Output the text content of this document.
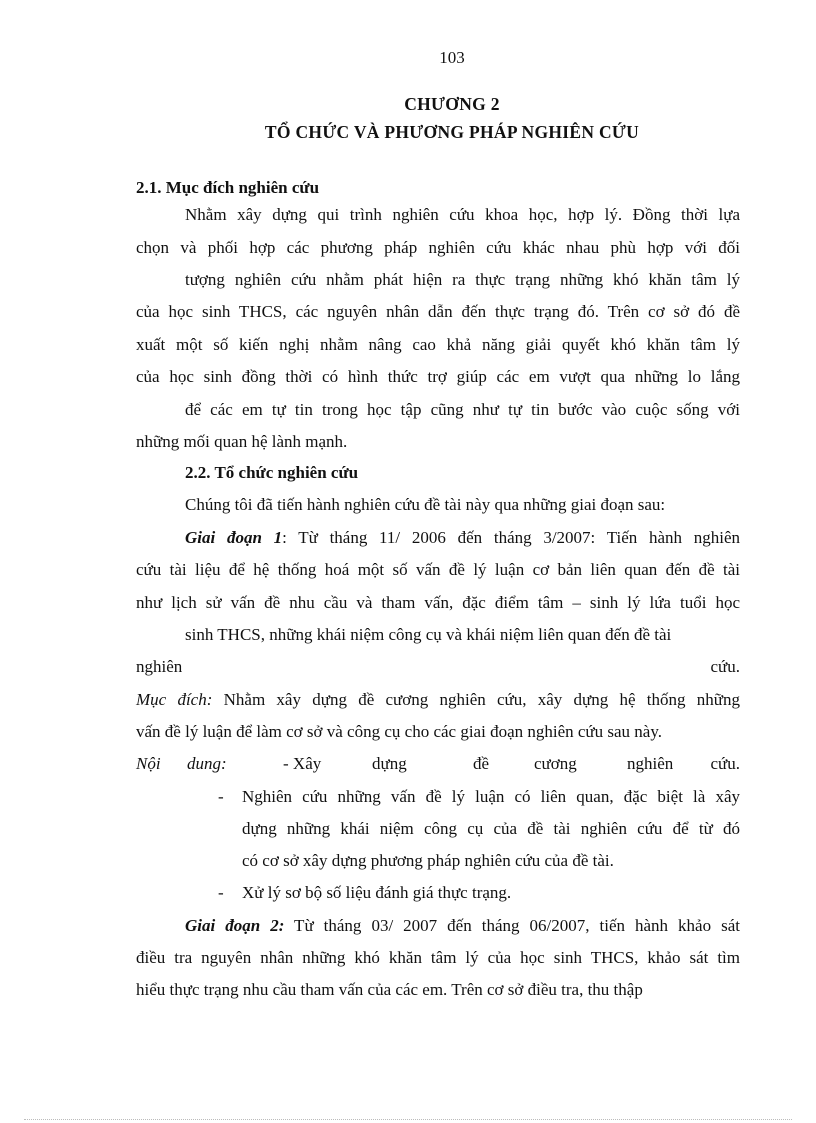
103
CHƯƠNG 2
TỔ CHỨC VÀ PHƯƠNG PHÁP NGHIÊN CỨU
2.1. Mục đích nghiên cứu
Nhằm xây dựng qui trình nghiên cứu khoa học, hợp lý. Đồng thời lựa
chọn và phối hợp các phương pháp nghiên cứu khác nhau phù hợp với đối
tượng nghiên cứu nhằm phát hiện ra thực trạng những khó khăn tâm lý
của học sinh THCS, các nguyên nhân dẫn đến thực trạng đó. Trên cơ sở đó đề
xuất một số kiến nghị nhằm nâng cao khả năng giải quyết khó khăn tâm lý
của học sinh đồng thời có hình thức trợ giúp các em vượt qua những lo lắng
để các em tự tin trong học tập cũng như tự tin bước vào cuộc sống với
những mối quan hệ lành mạnh.
2.2. Tổ chức nghiên cứu
Chúng tôi đã tiến hành nghiên cứu đề tài này qua những giai đoạn sau:
Giai đoạn 1: Từ tháng 11/ 2006 đến tháng 3/2007: Tiến hành nghiên
cứu tài liệu để hệ thống hoá một số vấn đề lý luận cơ bản liên quan đến đề tài
như lịch sử vấn đề nhu cầu và tham vấn, đặc điểm tâm – sinh lý lứa tuổi học
sinh THCS, những khái niệm công cụ và khái niệm liên quan đến đề tài
nghiên	cứu.
Mục đích: Nhằm xây dựng đề cương nghiên cứu, xây dựng hệ thống những
vấn đề lý luận để làm cơ sở và công cụ cho các giai đoạn nghiên cứu sau này.
Nội	dung:	- Xây	dựng	đề	cương	nghiên	cứu.
- Nghiên cứu những vấn đề lý luận có liên quan, đặc biệt là xây
dựng những khái niệm công cụ của đề tài nghiên cứu để từ đó
có cơ sở xây dựng phương pháp nghiên cứu của đề tài.
- Xử lý sơ bộ số liệu đánh giá thực trạng.
Giai đoạn 2: Từ tháng 03/ 2007 đến tháng 06/2007, tiến hành khảo sát
điều tra nguyên nhân những khó khăn tâm lý của học sinh THCS, khảo sát tìm
hiểu thực trạng nhu cầu tham vấn của các em. Trên cơ sở điều tra, thu thập
